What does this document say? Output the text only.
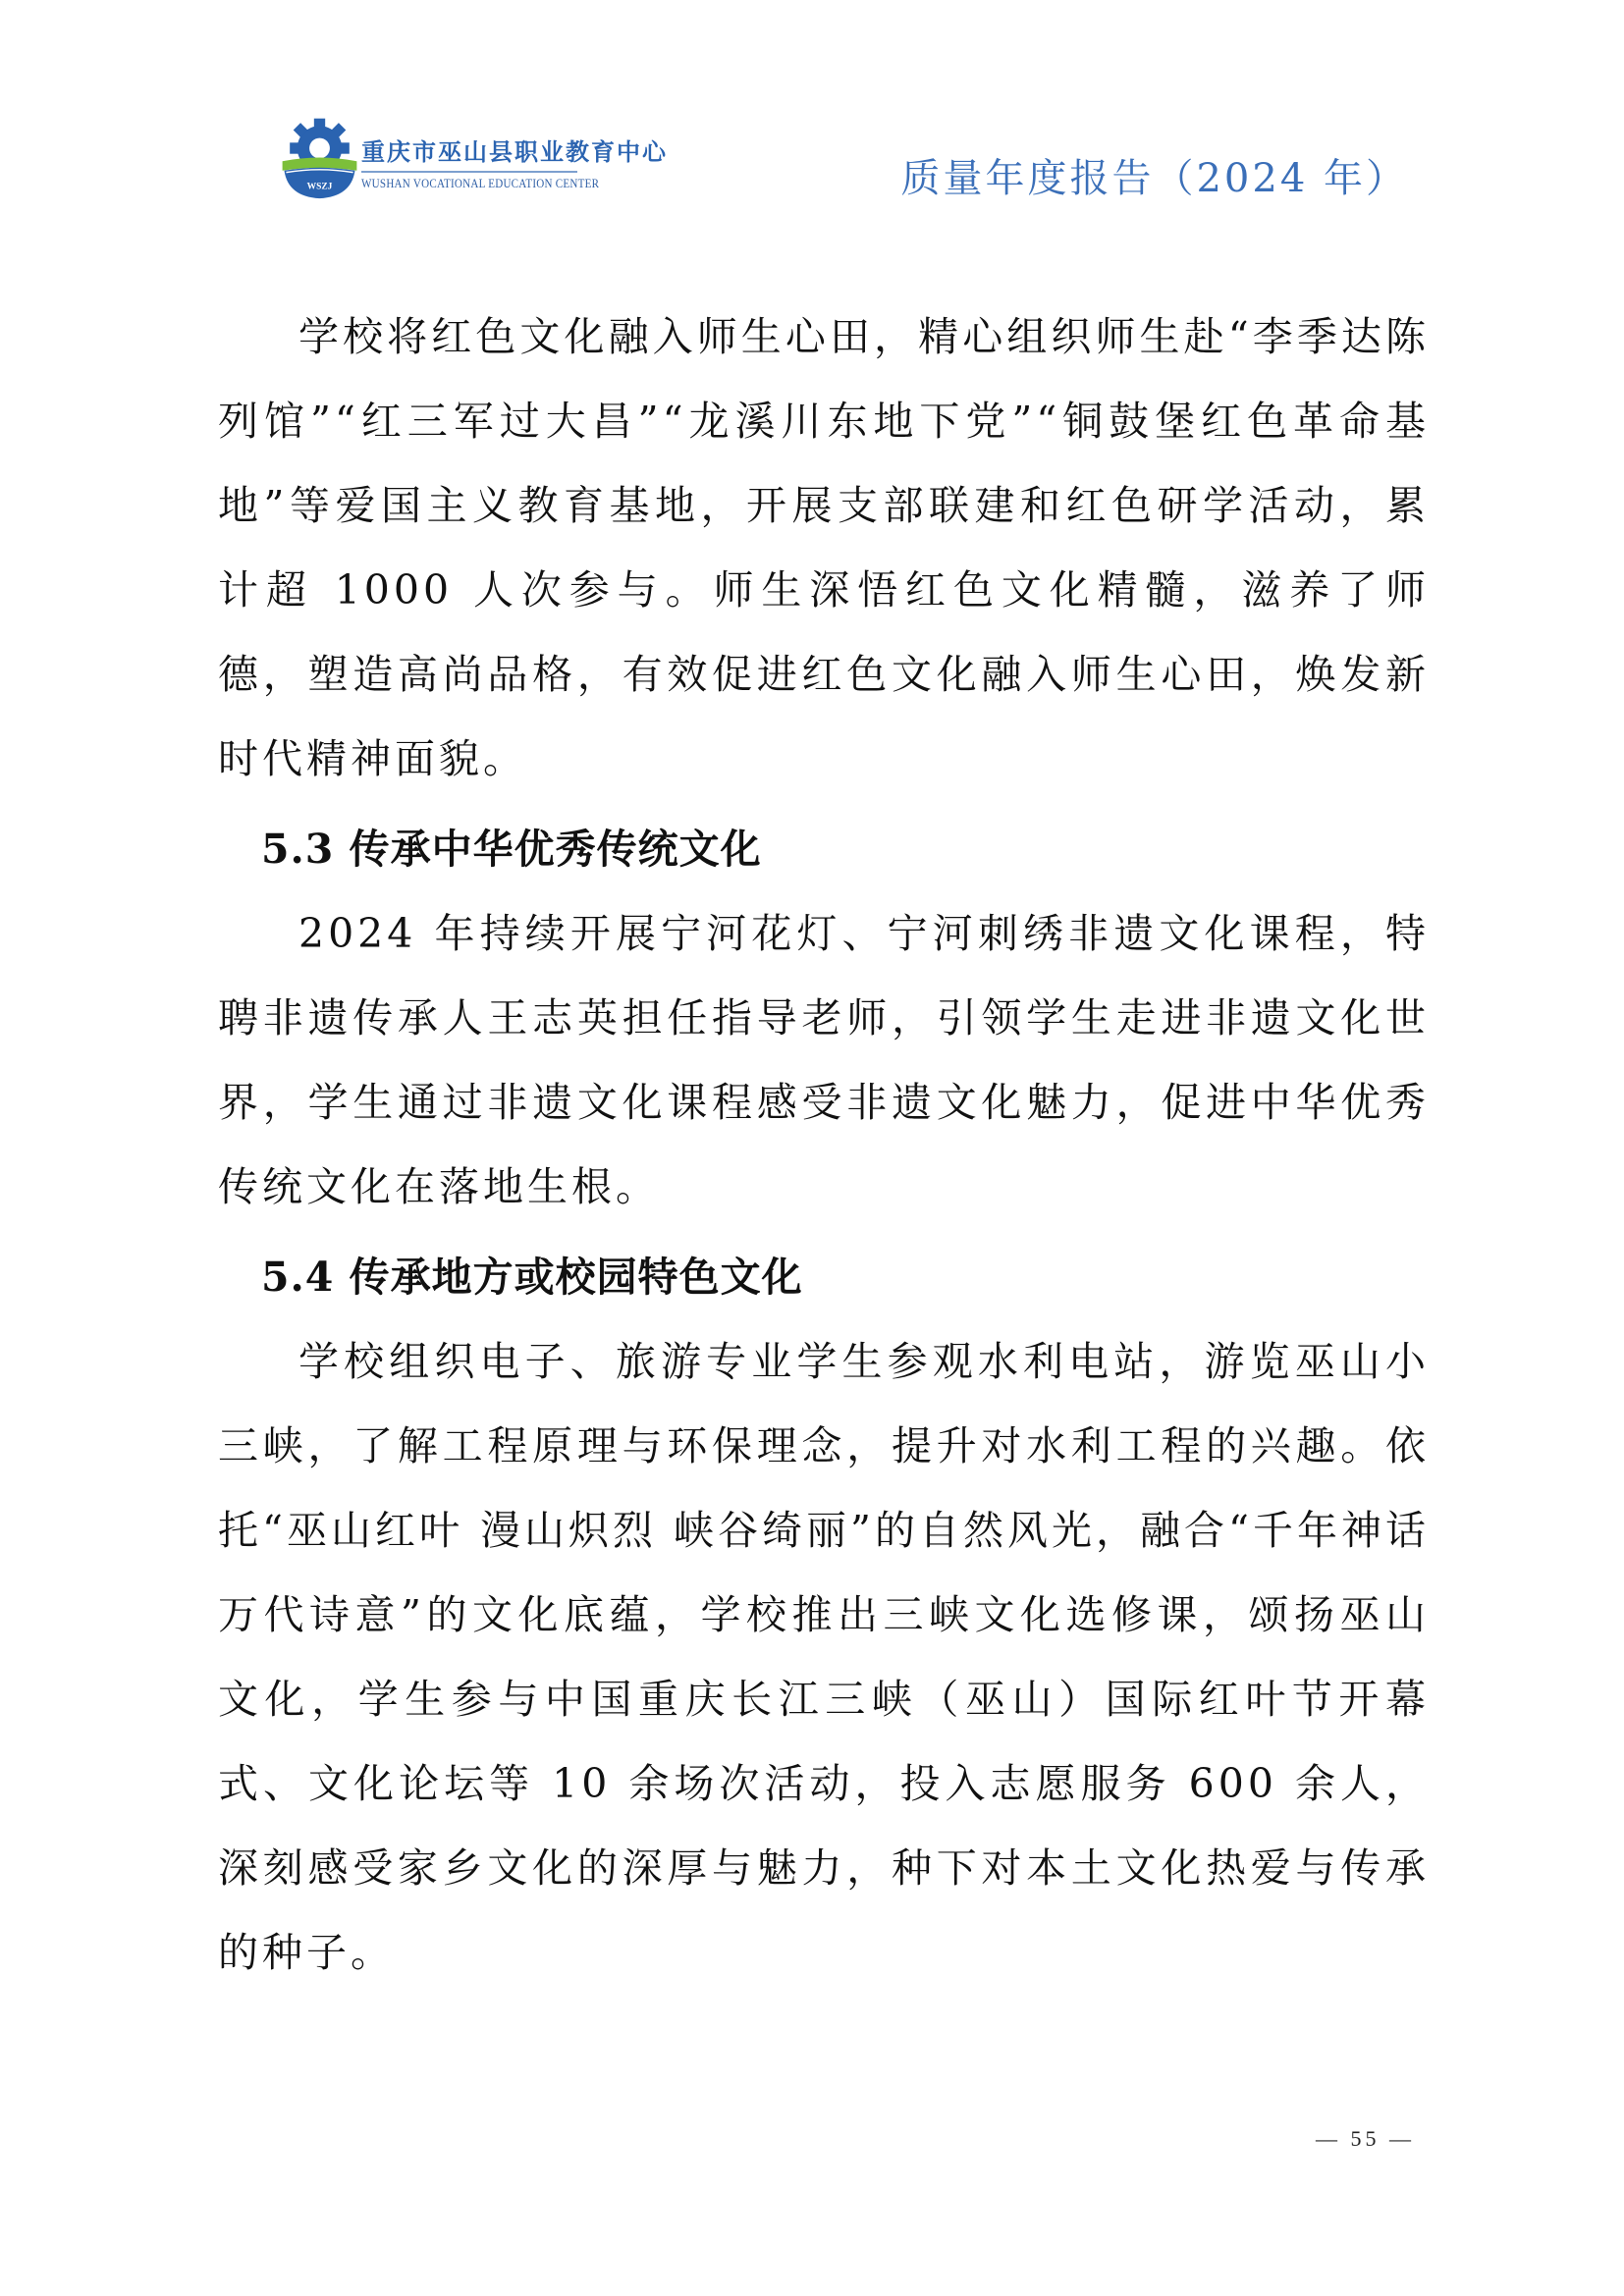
WSZJ
重庆市巫山县职业教育中心
WUSHAN VOCATIONAL EDUCATION CENTER	质量年度报告（2024 年）

学校将红色文化融入师生心田，精心组织师生赴“李季达陈列馆”“红三军过大昌”“龙溪川东地下党”“铜鼓堡红色革命基地”等爱国主义教育基地，开展支部联建和红色研学活动，累计超 1000 人次参与。师生深悟红色文化精髓，滋养了师德，塑造高尚品格，有效促进红色文化融入师生心田，焕发新时代精神面貌。

5.3 传承中华优秀传统文化

2024 年持续开展宁河花灯、宁河刺绣非遗文化课程，特聘非遗传承人王志英担任指导老师，引领学生走进非遗文化世界，学生通过非遗文化课程感受非遗文化魅力，促进中华优秀传统文化在落地生根。

5.4 传承地方或校园特色文化

学校组织电子、旅游专业学生参观水利电站，游览巫山小三峡，了解工程原理与环保理念，提升对水利工程的兴趣。依托“巫山红叶 漫山炽烈 峡谷绮丽”的自然风光，融合“千年神话 万代诗意”的文化底蕴，学校推出三峡文化选修课，颂扬巫山文化，学生参与中国重庆长江三峡（巫山）国际红叶节开幕式、文化论坛等 10 余场次活动，投入志愿服务 600 余人，深刻感受家乡文化的深厚与魅力，种下对本土文化热爱与传承的种子。

— 55 —
